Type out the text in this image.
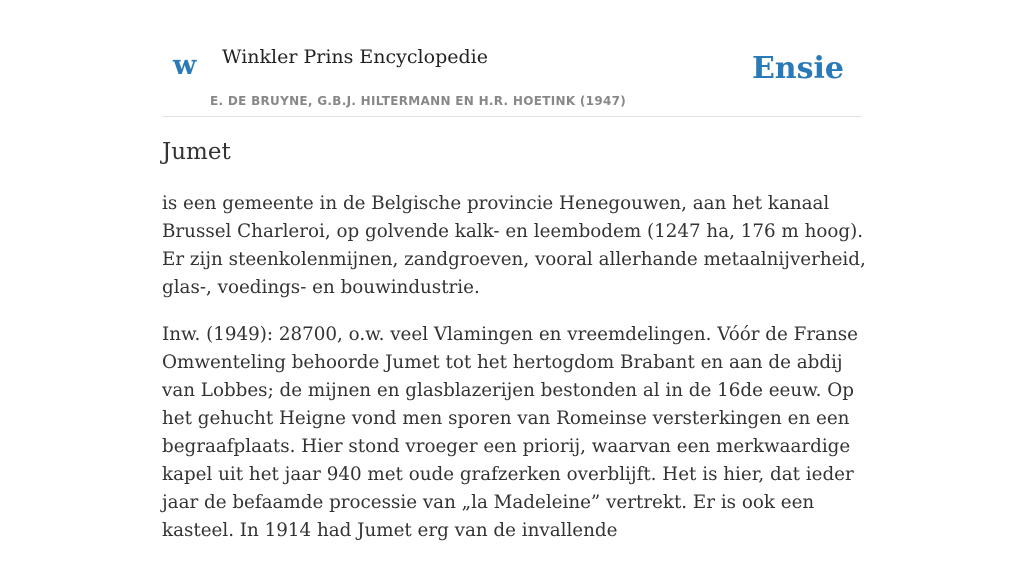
w Winkler Prins Encyclopedie
E. DE BRUYNE, G.B.J. HILTERMANN EN H.R. HOETINK (1947)
Ensie
Jumet

is een gemeente in de Belgische provincie Henegouwen, aan het kanaal Brussel Charleroi, op golvende kalk- en leembodem (1247 ha, 176 m hoog). Er zijn steenkolenmijnen, zandgroeven, vooral allerhande metaalnijverheid, glas-, voedings- en bouwindustrie.

Inw. (1949): 28700, o.w. veel Vlamingen en vreemdelingen. Vóór de Franse Omwenteling behoorde Jumet tot het hertogdom Brabant en aan de abdij van Lobbes; de mijnen en glasblazerijen bestonden al in de 16de eeuw. Op het gehucht Heigne vond men sporen van Romeinse versterkingen en een begraafplaats. Hier stond vroeger een priorij, waarvan een merkwaardige kapel uit het jaar 940 met oude grafzerken overblijft. Het is hier, dat ieder jaar de befaamde processie van „la Madeleine” vertrekt. Er is ook een kasteel. In 1914 had Jumet erg van de invallende
